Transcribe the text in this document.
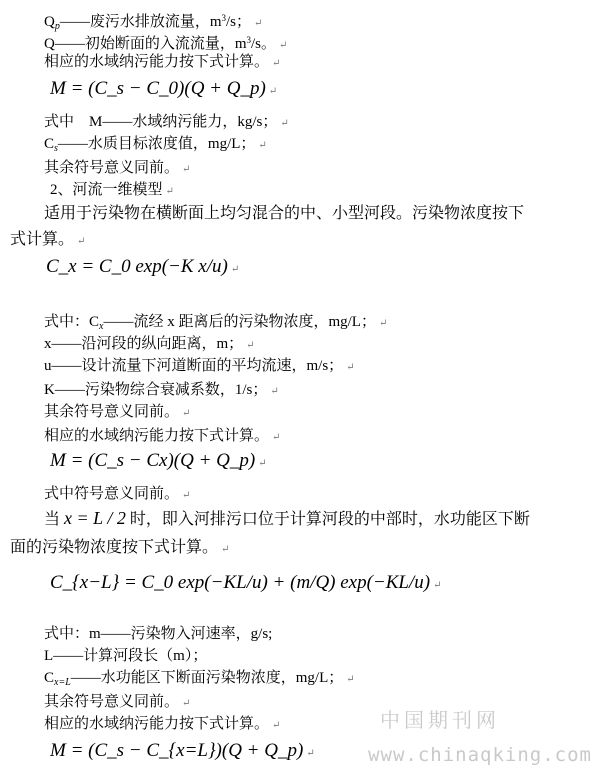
$Q_p——$废污水排放流量，$m^3/s$； ↵
Q——初始断面的入流流量，$m^3/s$。 ↵
相应的水域纳污能力按下式计算。 ↵
M = (C_s − C_0)(Q + Q_p) ↵
式中　M——水域纳污能力，kg/s； ↵
$C_s——$水质目标浓度值，mg/L； ↵
其余符号意义同前。 ↵
2、河流一维模型 ↵
适用于污染物在横断面上均匀混合的中、小型河段。污染物浓度按下
式计算。 ↵
C_x = C_0 exp(−K x/u) ↵
式中：$C_x——$流经 x 距离后的污染物浓度，mg/L； ↵
x——沿河段的纵向距离，m； ↵
u——设计流量下河道断面的平均流速，m/s； ↵
K——污染物综合衰减系数，1/s； ↵
其余符号意义同前。 ↵
相应的水域纳污能力按下式计算。 ↵
M = (C_s − Cx)(Q + Q_p) ↵
式中符号意义同前。 ↵
当 x = L / 2 时，即入河排污口位于计算河段的中部时，水功能区下断
面的污染物浓度按下式计算。 ↵
C_{x−L} = C_0 exp(−KL/u) + (m/Q) exp(−KL/u) ↵
式中：m——污染物入河速率，g/s;
L——计算河段长（m）；
$C_{x=L}——$水功能区下断面污染物浓度，mg/L； ↵
其余符号意义同前。 ↵
相应的水域纳污能力按下式计算。 ↵
M = (C_s − C_{x=L})(Q + Q_p) ↵
中国期刊网
www.chinaqking.com
